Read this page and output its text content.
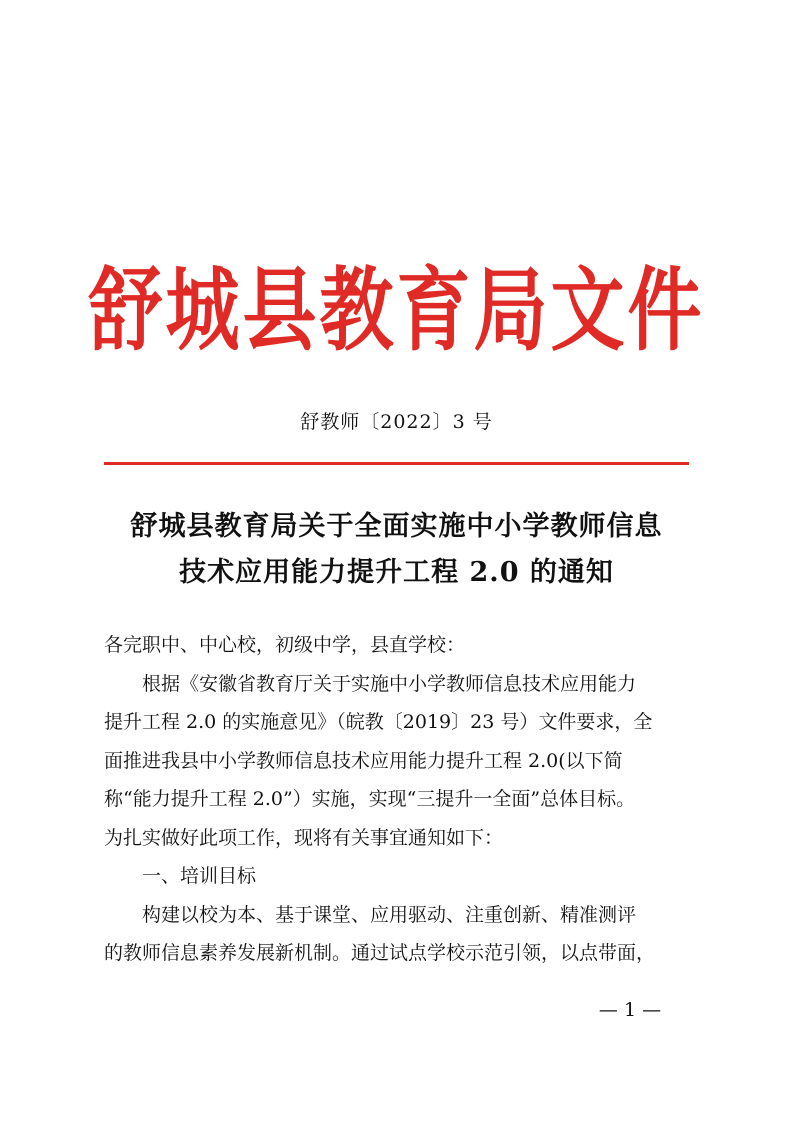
舒城县教育局文件
舒教师〔2022〕3 号
舒城县教育局关于全面实施中小学教师信息
技术应用能力提升工程 2.0 的通知

各完职中、中心校，初级中学，县直学校：

根据《安徽省教育厅关于实施中小学教师信息技术应用能力

提升工程 2.0 的实施意见》（皖教〔2019〕23 号）文件要求，全

面推进我县中小学教师信息技术应用能力提升工程 2.0(以下简

称“能力提升工程 2.0”）实施，实现“三提升一全面”总体目标。

为扎实做好此项工作，现将有关事宜通知如下：

一、培训目标

构建以校为本、基于课堂、应用驱动、注重创新、精准测评

的教师信息素养发展新机制。通过试点学校示范引领，以点带面，

— 1 —
